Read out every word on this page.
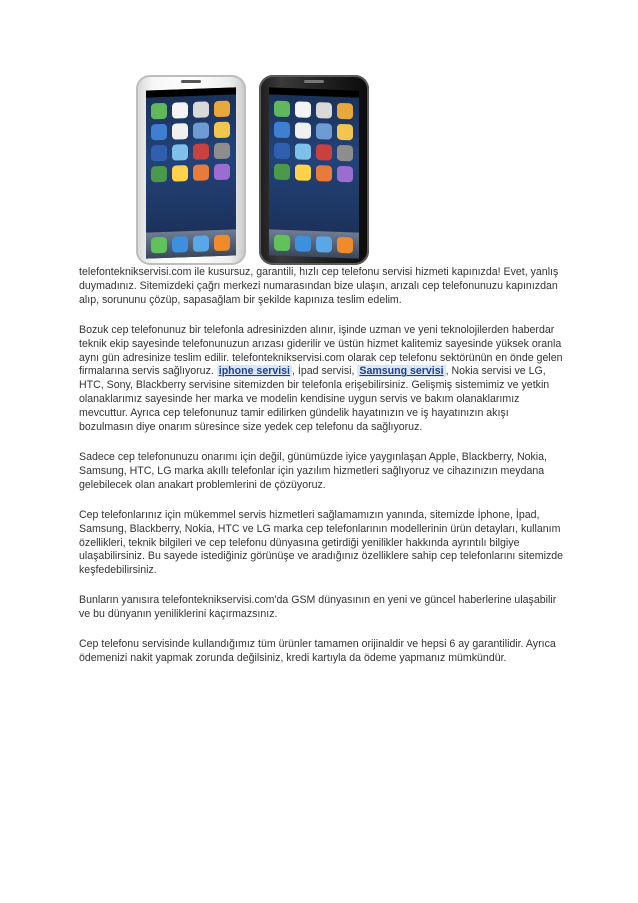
telefonteknikservisi.com ile kusursuz, garantili, hızlı cep telefonu servisi hizmeti kapınızda! Evet, yanlış duymadınız. Sitemizdeki çağrı merkezi numarasından bize ulaşın, arızalı cep telefonunuzu kapınızdan alıp, sorununu çözüp, sapasağlam bir şekilde kapınıza teslim edelim.

Bozuk cep telefonunuz bir telefonla adresinizden alınır, işinde uzman ve yeni teknolojilerden haberdar teknik ekip sayesinde telefonunuzun arızası giderilir ve üstün hizmet kalitemiz sayesinde yüksek oranla aynı gün adresinize teslim edilir. telefonteknikservisi.com olarak cep telefonu sektörünün en önde gelen firmalarına servis sağlıyoruz. iphone servisi , İpad servisi, Samsung servisi , Nokia servisi ve LG, HTC, Sony, Blackberry servisine sitemizden bir telefonla erişebilirsiniz. Gelişmiş sistemimiz ve yetkin olanaklarımız sayesinde her marka ve modelin kendisine uygun servis ve bakım olanaklarımız mevcuttur. Ayrıca cep telefonunuz tamir edilirken gündelik hayatınızın ve iş hayatınızın akışı bozulmasın diye onarım süresince size yedek cep telefonu da sağlıyoruz.

Sadece cep telefonunuzu onarımı için değil, günümüzde iyice yaygınlaşan Apple, Blackberry, Nokia, Samsung, HTC, LG marka akıllı telefonlar için yazılım hizmetleri sağlıyoruz ve cihazınızın meydana gelebilecek olan anakart problemlerini de çözüyoruz.

Cep telefonlarınız için mükemmel servis hizmetleri sağlamamızın yanında, sitemizde İphone, İpad, Samsung, Blackberry, Nokia, HTC ve LG marka cep telefonlarının modellerinin ürün detayları, kullanım özellikleri, teknik bilgileri ve cep telefonu dünyasına getirdiği yenilikler hakkında ayrıntılı bilgiye ulaşabilirsiniz. Bu sayede istediğiniz görünüşe ve aradığınız özelliklere sahip cep telefonlarını sitemizde keşfedebilirsiniz.

Bunların yanısıra telefonteknikservisi.com'da GSM dünyasının en yeni ve güncel haberlerine ulaşabilir ve bu dünyanın yeniliklerini kaçırmazsınız.

Cep telefonu servisinde kullandığımız tüm ürünler tamamen orijinaldir ve hepsi 6 ay garantilidir. Ayrıca ödemenizi nakit yapmak zorunda değilsiniz, kredi kartıyla da ödeme yapmanız mümkündür.
